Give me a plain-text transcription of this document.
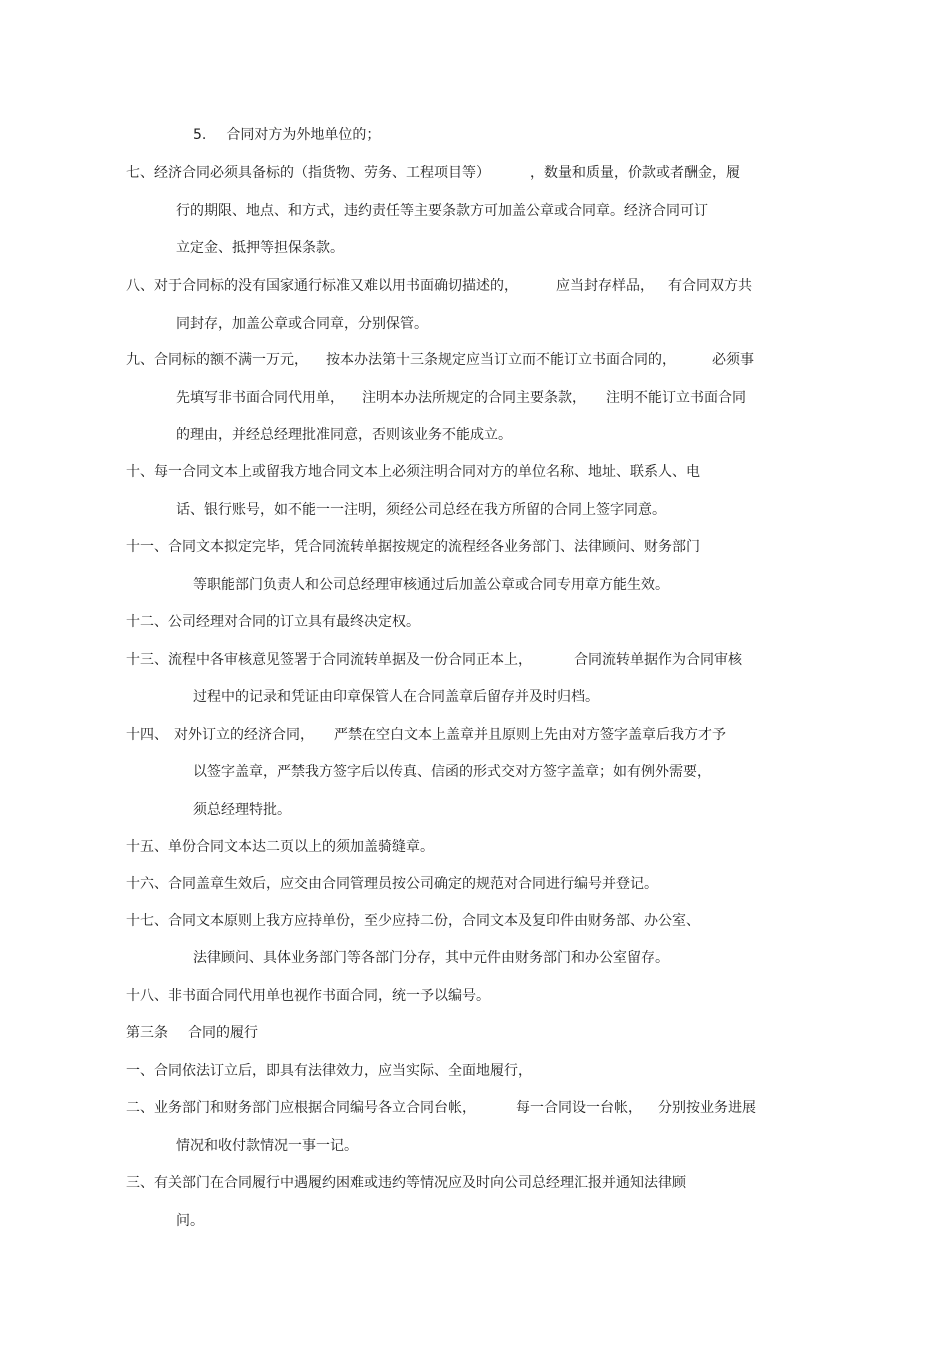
5. 合同对方为外地单位的；
七、经济合同必须具备标的（指货物、劳务、工程项目等）	，数量和质量，价款或者酬金，履
行的期限、地点、和方式，违约责任等主要条款方可加盖公章或合同章。经济合同可订
立定金、抵押等担保条款。
八、对于合同标的没有国家通行标准又难以用书面确切描述的，	应当封存样品， 有合同双方共
同封存，加盖公章或合同章，分别保管。
九、合同标的额不满一万元， 按本办法第十三条规定应当订立而不能订立书面合同的，	必须事
先填写非书面合同代用单， 注明本办法所规定的合同主要条款， 注明不能订立书面合同
的理由，并经总经理批准同意，否则该业务不能成立。
十、每一合同文本上或留我方地合同文本上必须注明合同对方的单位名称、地址、联系人、电
话、银行账号，如不能一一注明，须经公司总经在我方所留的合同上签字同意。
十一、合同文本拟定完毕，凭合同流转单据按规定的流程经各业务部门、法律顾问、财务部门
等职能部门负责人和公司总经理审核通过后加盖公章或合同专用章方能生效。
十二、公司经理对合同的订立具有最终决定权。
十三、流程中各审核意见签署于合同流转单据及一份合同正本上，	合同流转单据作为合同审核
过程中的记录和凭证由印章保管人在合同盖章后留存并及时归档。
十四、 对外订立的经济合同， 严禁在空白文本上盖章并且原则上先由对方签字盖章后我方才予
以签字盖章，严禁我方签字后以传真、信函的形式交对方签字盖章；如有例外需要，
须总经理特批。
十五、单份合同文本达二页以上的须加盖骑缝章。
十六、合同盖章生效后，应交由合同管理员按公司确定的规范对合同进行编号并登记。
十七、合同文本原则上我方应持单份，至少应持二份，合同文本及复印件由财务部、办公室、
法律顾问、具体业务部门等各部门分存，其中元件由财务部门和办公室留存。
十八、非书面合同代用单也视作书面合同，统一予以编号。
第三条 合同的履行
一、合同依法订立后，即具有法律效力，应当实际、全面地履行，
二、业务部门和财务部门应根据合同编号各立合同台帐，	每一合同设一台帐， 分别按业务进展
情况和收付款情况一事一记。
三、有关部门在合同履行中遇履约困难或违约等情况应及时向公司总经理汇报并通知法律顾
问。
